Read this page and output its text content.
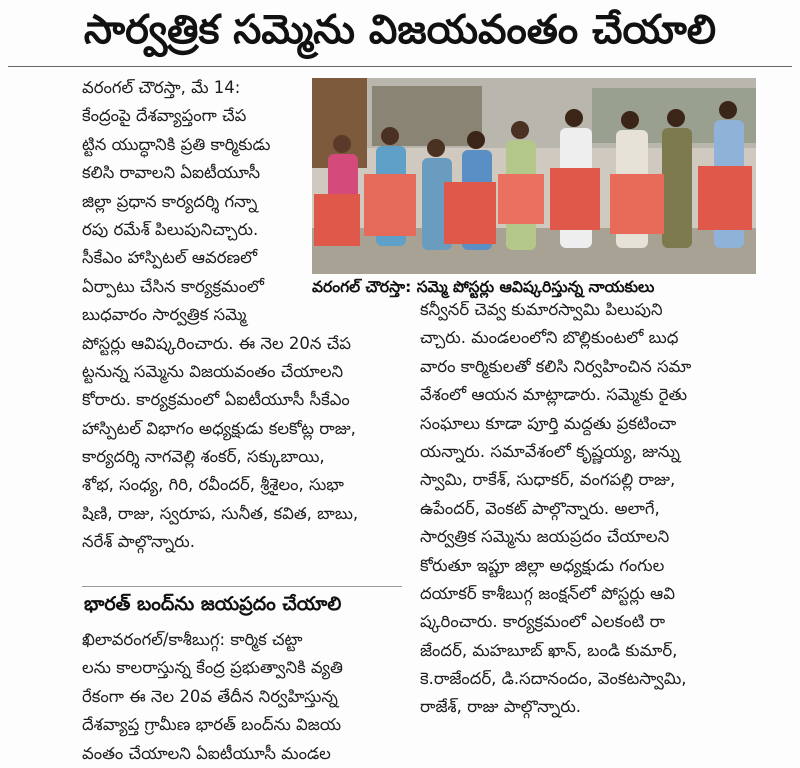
సార్వత్రిక సమ్మెను విజయవంతం చేయాలి
వరంగల్ చౌరస్తా, మే 14:
కేంద్రంపై దేశవ్యాప్తంగా చేప
ట్టిన యుద్ధానికి ప్రతి కార్మికుడు
కలిసి రావాలని ఏఐటీయూసీ
జిల్లా ప్రధాన కార్యదర్శి గన్నా
రపు రమేశ్ పిలుపునిచ్చారు.
సీకేఎం హాస్పిటల్ ఆవరణలో
ఏర్పాటు చేసిన కార్యక్రమంలో
బుధవారం సార్వత్రిక సమ్మె
పోస్టర్లు ఆవిష్కరించారు. ఈ నెల 20న చేప
ట్టనున్న సమ్మెను విజయవంతం చేయాలని
కోరారు. కార్యక్రమంలో ఏఐటీయూసీ సీకేఎం
హాస్పిటల్ విభాగం అధ్యక్షుడు కలకోట్ల రాజు,
కార్యదర్శి నాగవెల్లి శంకర్, సక్కుబాయి,
శోభ, సంధ్య, గిరి, రవీందర్, శ్రీశైలం, సుభా
షిణి, రాజు, స్వరూప, సునీత, కవిత, బాబు,
నరేశ్ పాల్గొన్నారు.
భారత్ బంద్‌ను జయప్రదం చేయాలి
ఖిలావరంగల్/కాశీబుగ్గ: కార్మిక చట్టా
లను కాలరాస్తున్న కేంద్ర ప్రభుత్వానికి వ్యతి
రేకంగా ఈ నెల 20వ తేదీన నిర్వహిస్తున్న
దేశవ్యాప్త గ్రామీణ భారత్ బంద్‌ను విజయ
వంతం చేయాలని ఏఐటీయూసీ మండల
వరంగల్ చౌరస్తా: సమ్మె పోస్టర్లు ఆవిష్కరిస్తున్న నాయకులు
కన్వీనర్ చెవ్వ కుమారస్వామి పిలుపుని
చ్చారు. మండలంలోని బొల్లికుంటలో బుధ
వారం కార్మికులతో కలిసి నిర్వహించిన సమా
వేశంలో ఆయన మాట్లాడారు. సమ్మెకు రైతు
సంఘాలు కూడా పూర్తి మద్దతు ప్రకటించా
యన్నారు. సమావేశంలో కృష్ణయ్య, జున్ను
స్వామి, రాకేశ్, సుధాకర్, వంగపల్లి రాజు,
ఉపేందర్, వెంకట్ పాల్గొన్నారు. అలాగే,
సార్వత్రిక సమ్మెను జయప్రదం చేయాలని
కోరుతూ ఇప్టూ జిల్లా అధ్యక్షుడు గంగుల
దయాకర్ కాశీబుగ్గ జంక్షన్‌లో పోస్టర్లు ఆవి
ష్కరించారు. కార్యక్రమంలో ఎలకంటి రా
జేందర్, మహబూబ్ ఖాన్, బండి కుమార్,
కె.రాజేందర్, డి.సదానందం, వెంకటస్వామి,
రాజేశ్, రాజు పాల్గొన్నారు.
